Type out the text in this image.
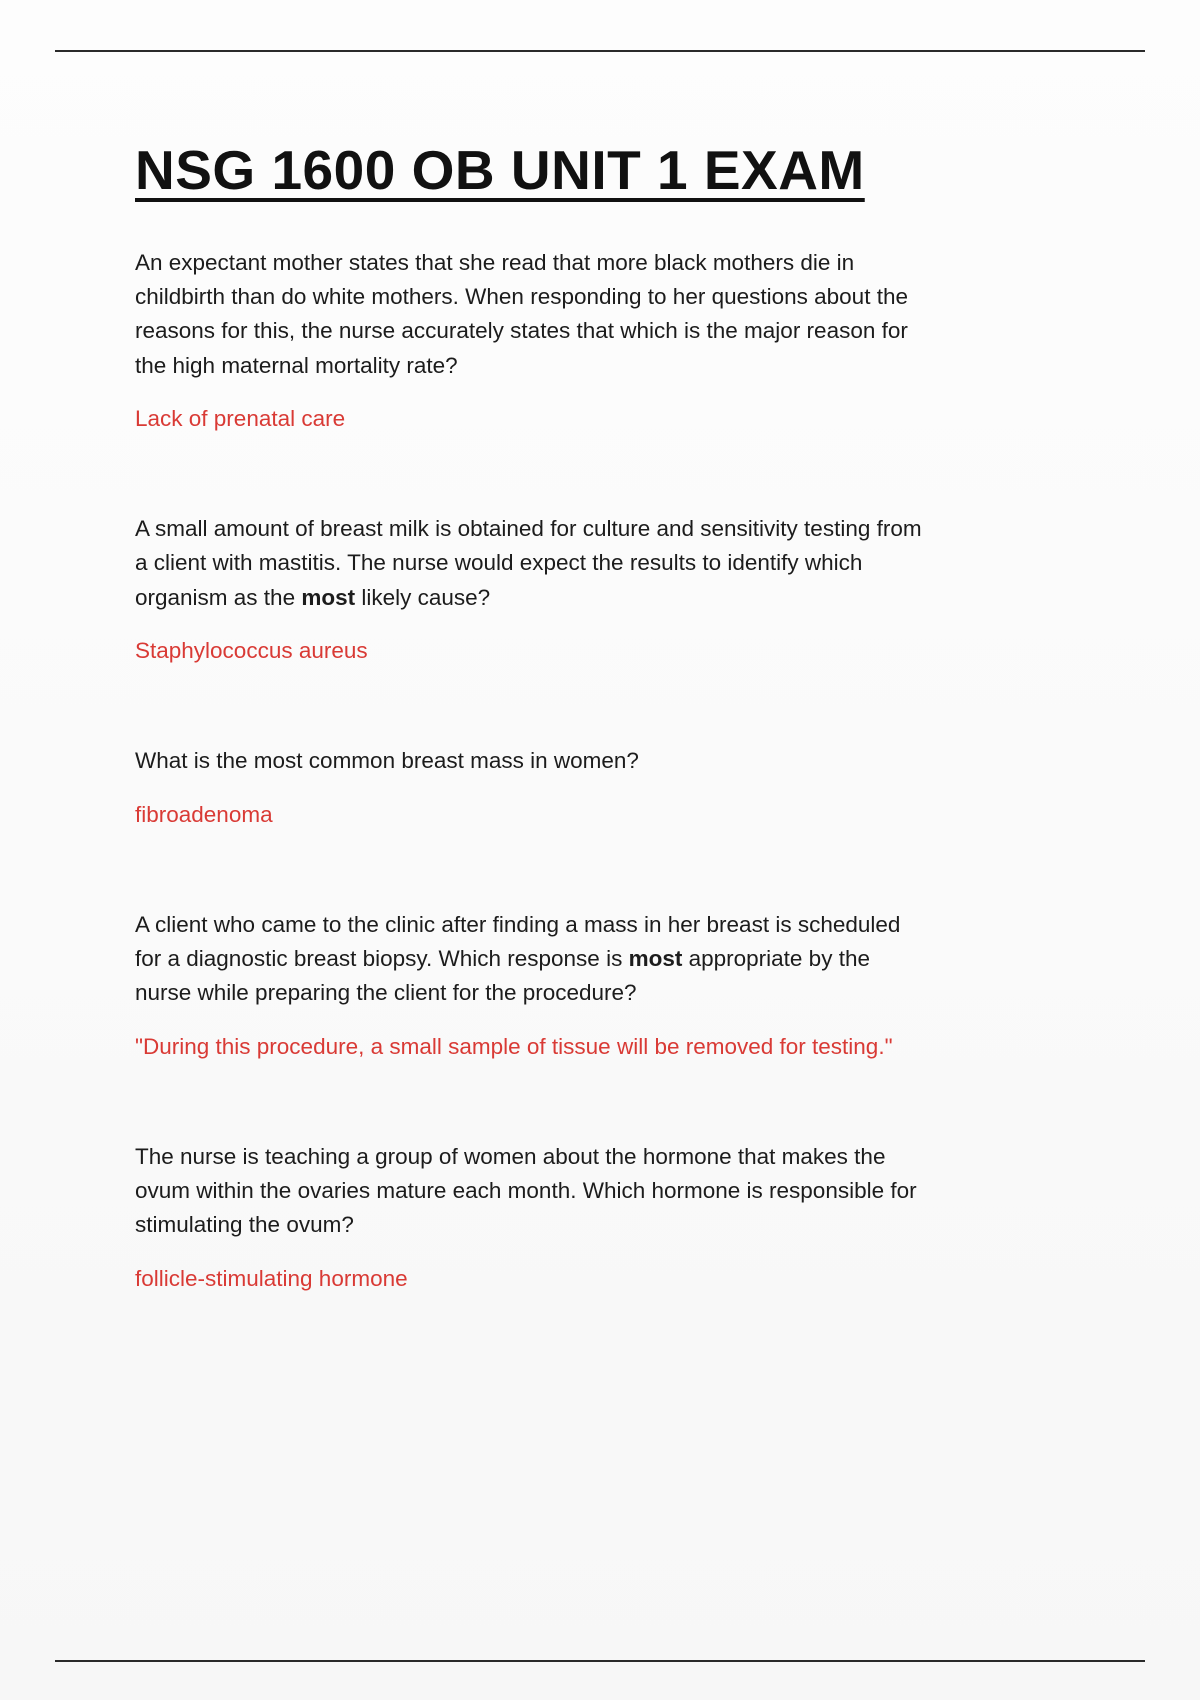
NSG 1600 OB UNIT 1 EXAM

An expectant mother states that she read that more black mothers die in childbirth than do white mothers. When responding to her questions about the reasons for this, the nurse accurately states that which is the major reason for the high maternal mortality rate?

Lack of prenatal care

A small amount of breast milk is obtained for culture and sensitivity testing from a client with mastitis. The nurse would expect the results to identify which organism as the most likely cause?

Staphylococcus aureus

What is the most common breast mass in women?

fibroadenoma

A client who came to the clinic after finding a mass in her breast is scheduled for a diagnostic breast biopsy. Which response is most appropriate by the nurse while preparing the client for the procedure?

"During this procedure, a small sample of tissue will be removed for testing."

The nurse is teaching a group of women about the hormone that makes the ovum within the ovaries mature each month. Which hormone is responsible for stimulating the ovum?

follicle-stimulating hormone
